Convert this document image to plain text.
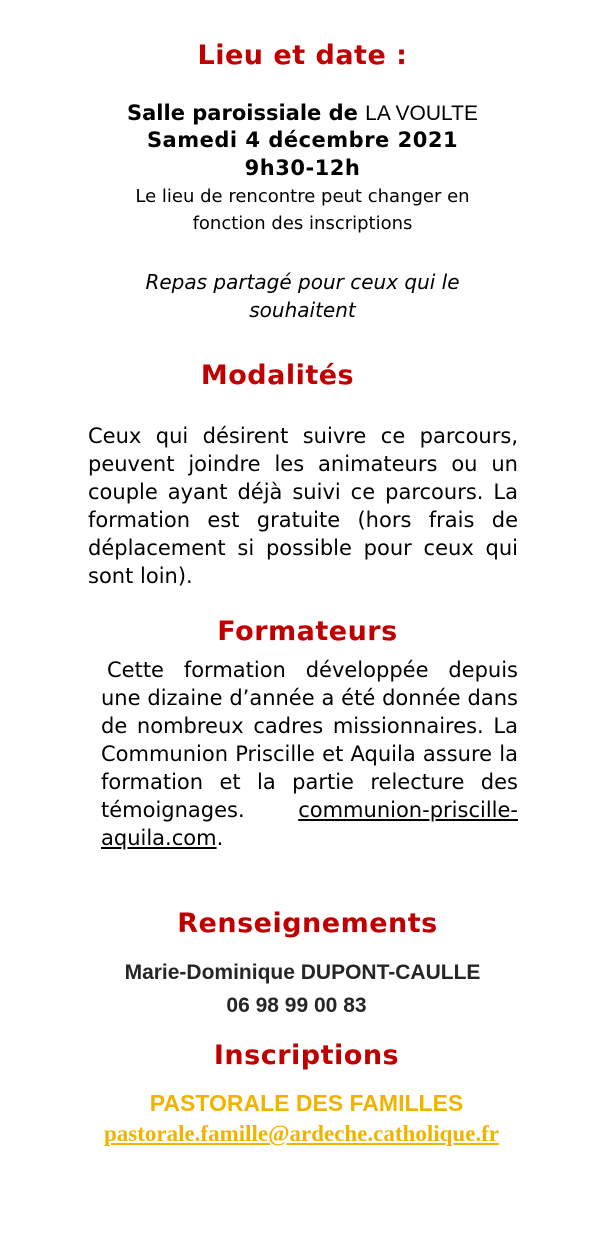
Lieu et date :
Salle paroissiale de LA VOULTE
Samedi 4 décembre 2021
9h30-12h
Le lieu de rencontre peut changer en
fonction des inscriptions
Repas partagé pour ceux qui le
souhaitent
Modalités
Ceux qui désirent suivre ce parcours, peuvent joindre les animateurs ou un couple ayant déjà suivi ce parcours. La formation est gratuite (hors frais de déplacement si possible pour ceux qui sont loin).
Formateurs
Cette formation développée depuis une dizaine d’année a été donnée dans de nombreux cadres missionnaires. La Communion Priscille et Aquila assure la formation et la partie relecture des témoignages. communion-priscille-aquila.com.
Renseignements
Marie-Dominique DUPONT-CAULLE
06 98 99 00 83
Inscriptions
PASTORALE DES FAMILLES
pastorale.famille@ardeche.catholique.fr
